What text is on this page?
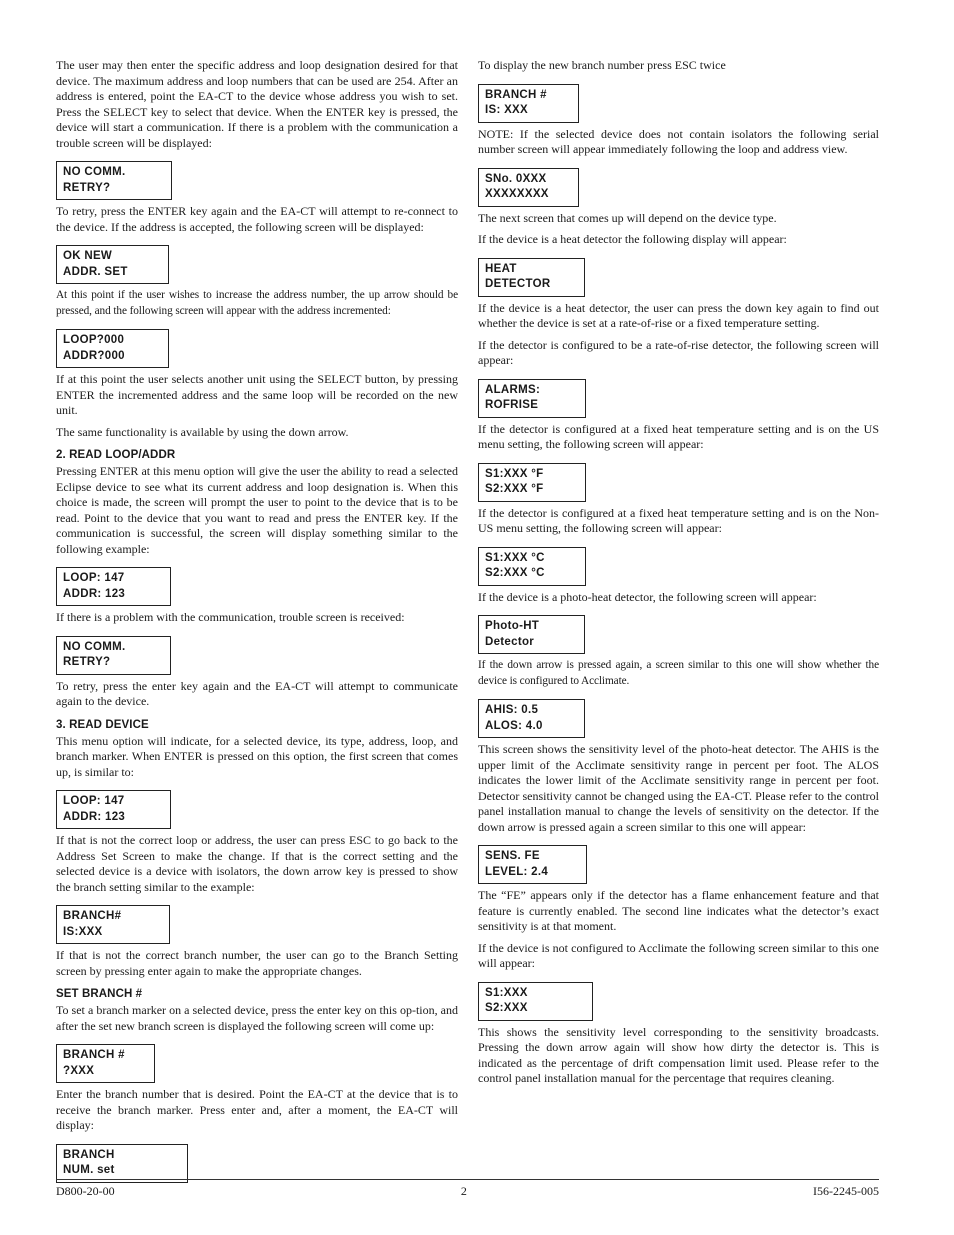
The user may then enter the specific address and loop designation desired for that device. The maximum address and loop numbers that can be used are 254. After an address is entered, point the EA-CT to the device whose address you wish to set. Press the SELECT key to select that device. When the ENTER key is pressed, the device will start a communication. If there is a problem with the communication a trouble screen will be displayed:

NO COMM.
RETRY?

To retry, press the ENTER key again and the EA-CT will attempt to re-connect to the device. If the address is accepted, the following screen will be displayed:

OK NEW
ADDR. SET

At this point if the user wishes to increase the address number, the up arrow should be pressed, and the following screen will appear with the address incremented:

LOOP?000
ADDR?000

If at this point the user selects another unit using the SELECT button, by pressing ENTER the incremented address and the same loop will be recorded on the new unit.

The same functionality is available by using the down arrow.

2. READ LOOP/ADDR

Pressing ENTER at this menu option will give the user the ability to read a selected Eclipse device to see what its current address and loop designation is. When this choice is made, the screen will prompt the user to point to the device that is to be read. Point to the device that you want to read and press the ENTER key. If the communication is successful, the screen will display something similar to the following example:

LOOP: 147
ADDR: 123

If there is a problem with the communication, trouble screen is received:

NO COMM.
RETRY?

To retry, press the enter key again and the EA-CT will attempt to communicate again to the device.

3. READ DEVICE

This menu option will indicate, for a selected device, its type, address, loop, and branch marker. When ENTER is pressed on this option, the first screen that comes up, is similar to:

LOOP: 147
ADDR: 123

If that is not the correct loop or address, the user can press ESC to go back to the Address Set Screen to make the change. If that is the correct setting and the selected device is a device with isolators, the down arrow key is pressed to show the branch setting similar to the example:

BRANCH#
IS:XXX

If that is not the correct branch number, the user can go to the Branch Setting screen by pressing enter again to make the appropriate changes.

SET BRANCH #

To set a branch marker on a selected device, press the enter key on this op-tion, and after the set new branch screen is displayed the following screen will come up:

BRANCH #
?XXX

Enter the branch number that is desired. Point the EA-CT at the device that is to receive the branch marker. Press enter and, after a moment, the EA-CT will display:

BRANCH
NUM. set

To display the new branch number press ESC twice

BRANCH #
IS: XXX

NOTE: If the selected device does not contain isolators the following serial number screen will appear immediately following the loop and address view.

SNo. 0XXX
XXXXXXXX

The next screen that comes up will depend on the device type.

If the device is a heat detector the following display will appear:

HEAT
DETECTOR

If the device is a heat detector, the user can press the down key again to find out whether the device is set at a rate-of-rise or a fixed temperature setting.

If the detector is configured to be a rate-of-rise detector, the following screen will appear:

ALARMS:
ROFRISE

If the detector is configured at a fixed heat temperature setting and is on the US menu setting, the following screen will appear:

S1:XXX °F
S2:XXX °F

If the detector is configured at a fixed heat temperature setting and is on the Non-US menu setting, the following screen will appear:

S1:XXX °C
S2:XXX °C

If the device is a photo-heat detector, the following screen will appear:

Photo-HT
Detector

If the down arrow is pressed again, a screen similar to this one will show whether the device is configured to Acclimate.

AHIS: 0.5
ALOS: 4.0

This screen shows the sensitivity level of the photo-heat detector. The AHIS is the upper limit of the Acclimate sensitivity range in percent per foot. The ALOS indicates the lower limit of the Acclimate sensitivity range in percent per foot. Detector sensitivity cannot be changed using the EA-CT. Please refer to the control panel installation manual to change the levels of sensitivity on the detector. If the down arrow is pressed again a screen similar to this one will appear:

SENS. FE
LEVEL: 2.4

The “FE” appears only if the detector has a flame enhancement feature and that feature is currently enabled. The second line indicates what the detector’s exact sensitivity is at that moment.

If the device is not configured to Acclimate the following screen similar to this one will appear:

S1:XXX
S2:XXX

This shows the sensitivity level corresponding to the sensitivity broadcasts. Pressing the down arrow again will show how dirty the detector is. This is indicated as the percentage of drift compensation limit used. Please refer to the control panel installation manual for the percentage that requires cleaning.

D800-20-00	2	I56-2245-005
